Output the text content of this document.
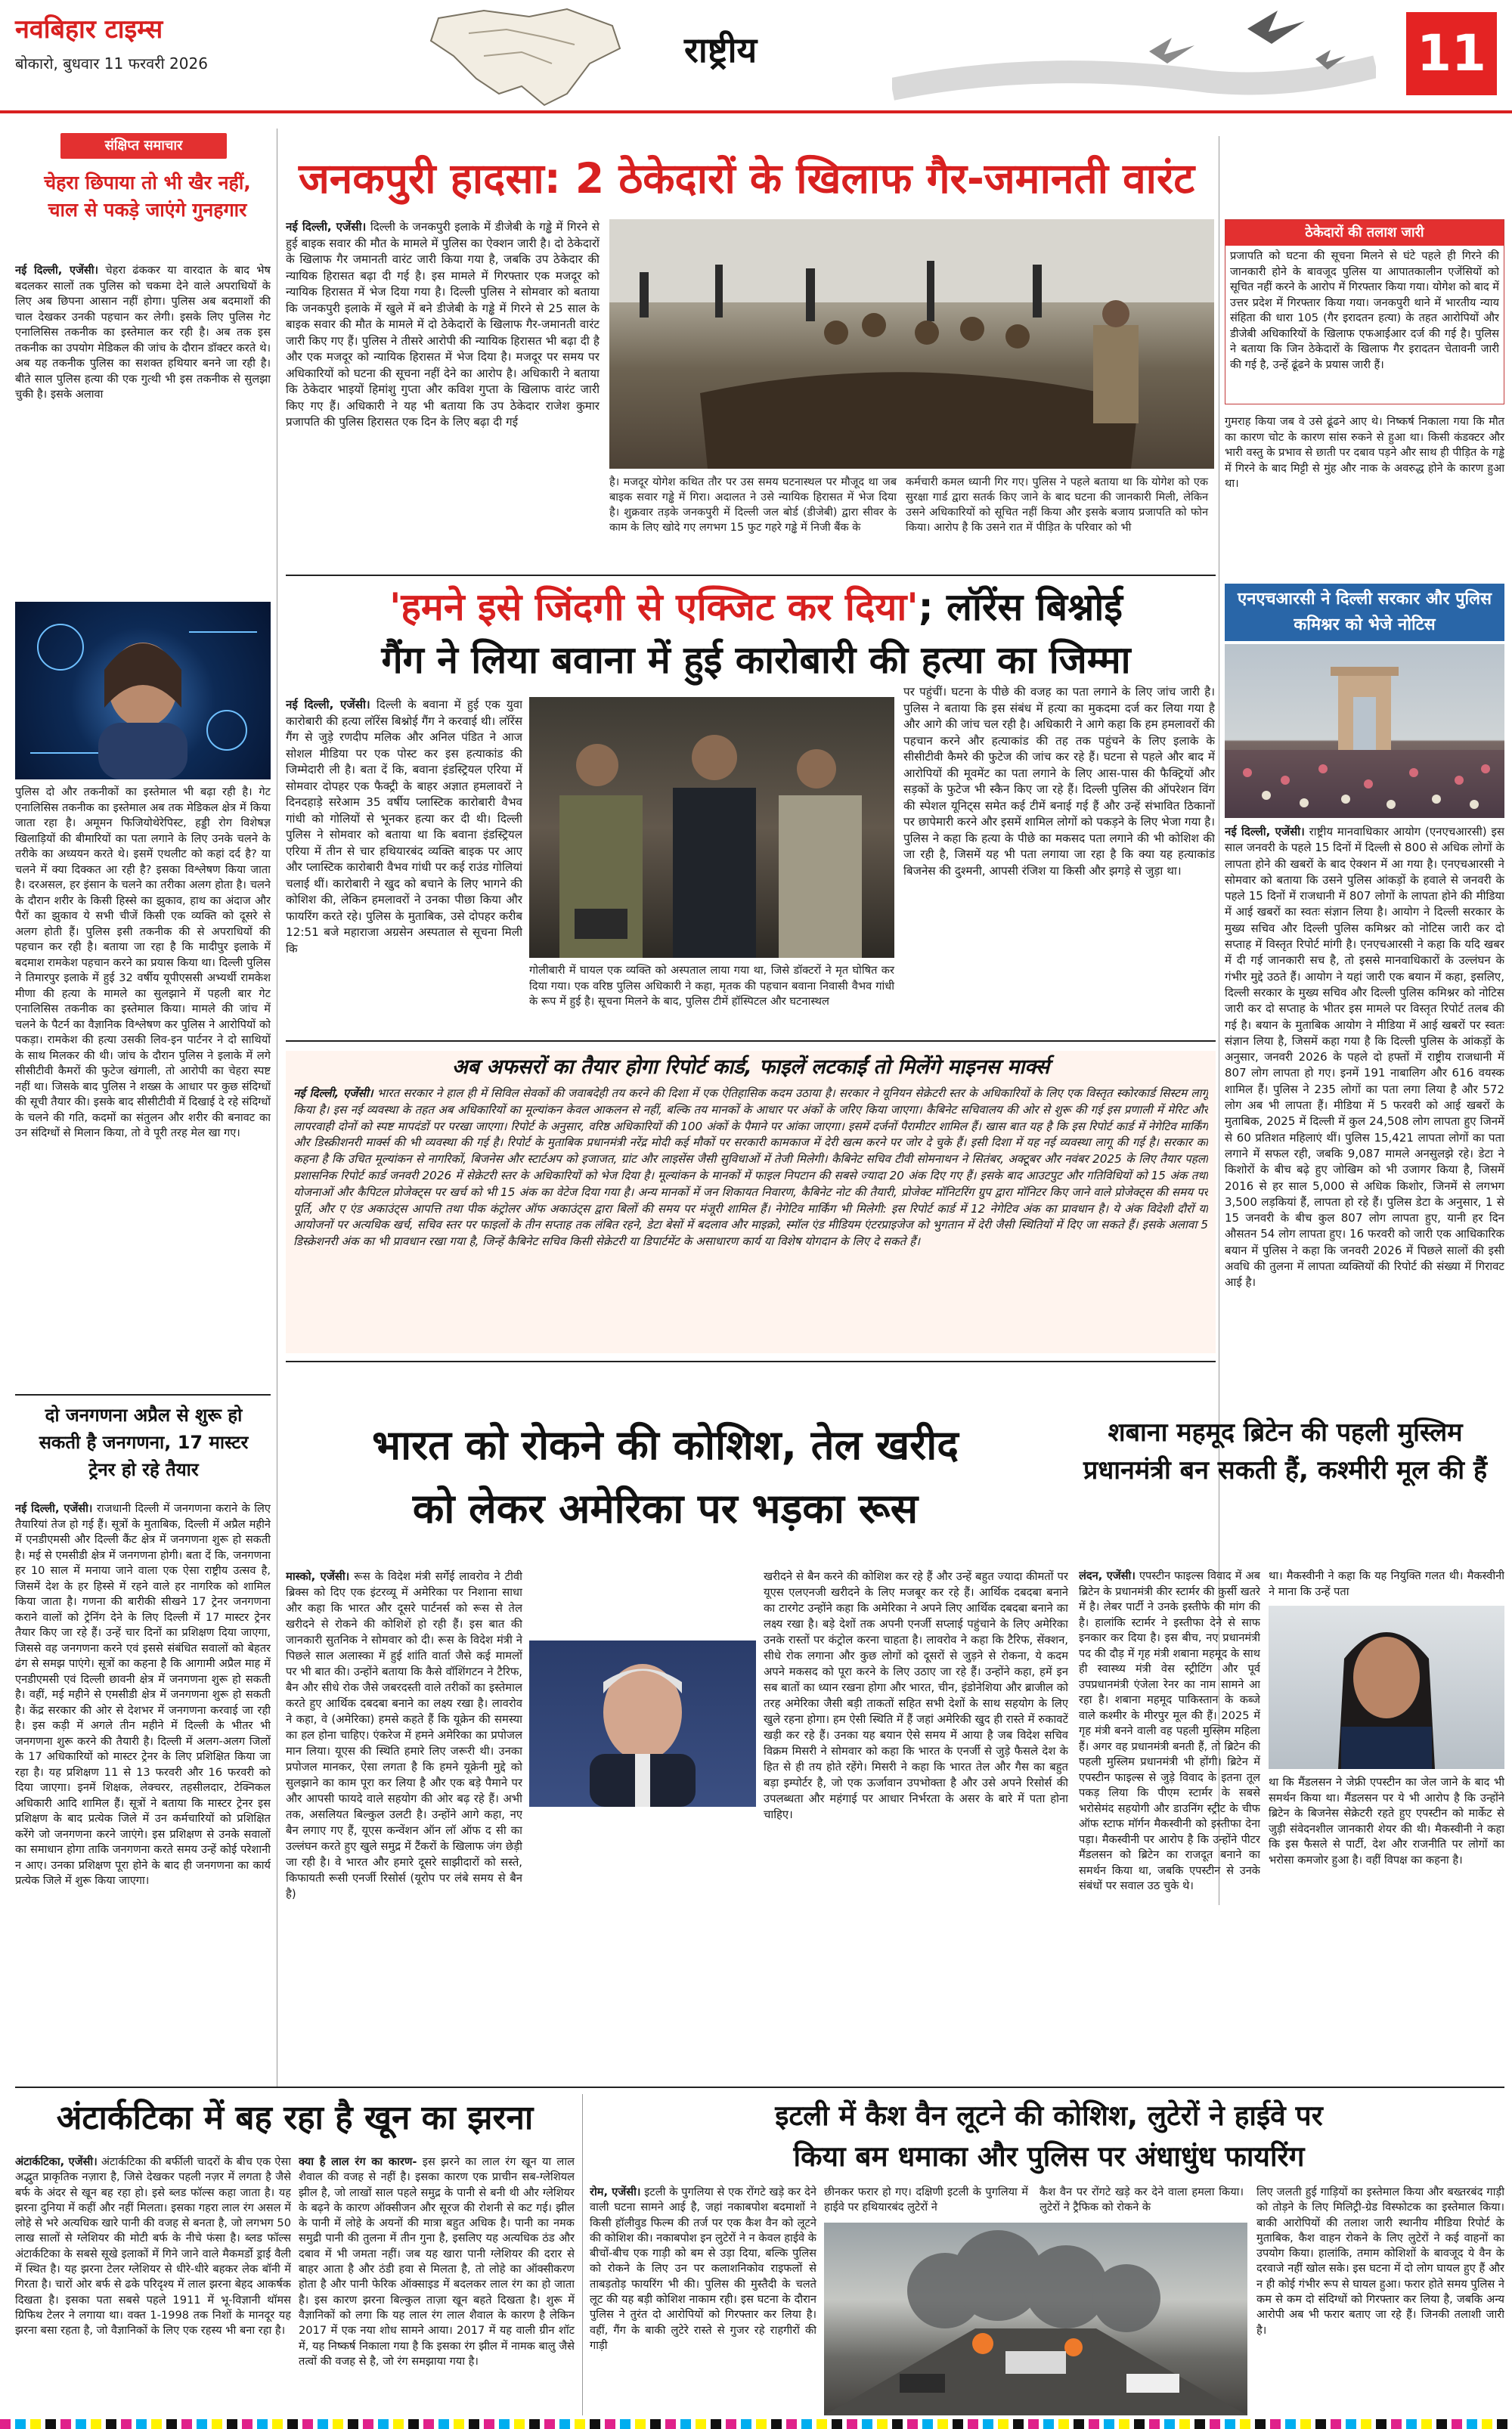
नवबिहार टाइम्स
बोकारो, बुधवार 11 फरवरी 2026	राष्ट्रीय	11
संक्षिप्त समाचार
चेहरा छिपाया तो भी खैर नहीं, चाल से पकड़े जाएंगे गुनहगार
नई दिल्ली, एजेंसी। चेहरा ढंककर या वारदात के बाद भेष बदलकर सालों तक पुलिस को चकमा देने वाले अपराधियों के लिए अब छिपना आसान नहीं होगा। पुलिस अब बदमाशों की चाल देखकर उनकी पहचान कर लेगी। इसके लिए पुलिस गेट एनालिसिस तकनीक का इस्तेमाल कर रही है। अब तक इस तकनीक का उपयोग मेडिकल की जांच के दौरान डॉक्टर करते थे। अब यह तकनीक पुलिस का सशक्त हथियार बनने जा रही है। बीते साल पुलिस हत्या की एक गुत्थी भी इस तकनीक से सुलझा चुकी है। इसके अलावा
पुलिस दो और तकनीकों का इस्तेमाल भी बढ़ा रही है। गेट एनालिसिस तकनीक का इस्तेमाल अब तक मेडिकल क्षेत्र में किया जाता रहा है। अमूमन फिजियोथेरेपिस्ट, हड्डी रोग विशेषज्ञ खिलाड़ियों की बीमारियों का पता लगाने के लिए उनके चलने के तरीके का अध्ययन करते थे। इसमें एथलीट को कहां दर्द है? या चलने में क्या दिक्कत आ रही है? इसका विश्लेषण किया जाता है। दरअसल, हर इंसान के चलने का तरीका अलग होता है। चलने के दौरान शरीर के किसी हिस्से का झुकाव, हाथ का अंदाज और पैरों का झुकाव ये सभी चीजें किसी एक व्यक्ति को दूसरे से अलग होती हैं। पुलिस इसी तकनीक की से अपराधियों की पहचान कर रही है। बताया जा रहा है कि मादीपुर इलाके में बदमाश रामकेश पहचान करने का प्रयास किया था। दिल्ली पुलिस ने तिमारपुर इलाके में हुई 32 वर्षीय यूपीएससी अभ्यर्थी रामकेश मीणा की हत्या के मामले का सुलझाने में पहली बार गेट एनालिसिस तकनीक का इस्तेमाल किया। मामले की जांच में चलने के पैटर्न का वैज्ञानिक विश्लेषण कर पुलिस ने आरोपियों को पकड़ा। रामकेश की हत्या उसकी लिव-इन पार्टनर ने दो साथियों के साथ मिलकर की थी। जांच के दौरान पुलिस ने इलाके में लगे सीसीटीवी कैमरों की फुटेज खंगाली, तो आरोपी का चेहरा स्पष्ट नहीं था। जिसके बाद पुलिस ने शख्स के आधार पर कुछ संदिग्धों की सूची तैयार की। इसके बाद सीसीटीवी में दिखाई दे रहे संदिग्धों के चलने की गति, कदमों का संतुलन और शरीर की बनावट का उन संदिग्धों से मिलान किया, तो वे पूरी तरह मेल खा गए।
दो जनगणना अप्रैल से शुरू हो सकती है जनगणना, 17 मास्टर ट्रेनर हो रहे तैयार
नई दिल्ली, एजेंसी। राजधानी दिल्ली में जनगणना कराने के लिए तैयारियां तेज हो गई हैं। सूत्रों के मुताबिक, दिल्ली में अप्रैल महीने में एनडीएमसी और दिल्ली कैंट क्षेत्र में जनगणना शुरू हो सकती है। मई से एमसीडी क्षेत्र में जनगणना होगी। बता दें कि, जनगणना हर 10 साल में मनाया जाने वाला एक ऐसा राष्ट्रीय उत्सव है, जिसमें देश के हर हिस्से में रहने वाले हर नागरिक को शामिल किया जाता है। गणना की बारीकी सीखने 17 ट्रेनर जनगणना कराने वालों को ट्रेनिंग देने के लिए दिल्ली में 17 मास्टर ट्रेनर तैयार किए जा रहे हैं। उन्हें चार दिनों का प्रशिक्षण दिया जाएगा, जिससे वह जनगणना करने एवं इससे संबंधित सवालों को बेहतर ढंग से समझ पाएंगे। सूत्रों का कहना है कि आगामी अप्रैल माह में एनडीएमसी एवं दिल्ली छावनी क्षेत्र में जनगणना शुरू हो सकती है। वहीं, मई महीने से एमसीडी क्षेत्र में जनगणना शुरू हो सकती है। केंद्र सरकार की ओर से देशभर में जनगणना करवाई जा रही है। इस कड़ी में अगले तीन महीने में दिल्ली के भीतर भी जनगणना शुरू करने की तैयारी है। दिल्ली में अलग-अलग जिलों के 17 अधिकारियों को मास्टर ट्रेनर के लिए प्रशिक्षित किया जा रहा है। यह प्रशिक्षण 11 से 13 फरवरी और 16 फरवरी को दिया जाएगा। इनमें शिक्षक, लेक्चरर, तहसीलदार, टेक्निकल अधिकारी आदि शामिल हैं। सूत्रों ने बताया कि मास्टर ट्रेनर इस प्रशिक्षण के बाद प्रत्येक जिले में उन कर्मचारियों को प्रशिक्षित करेंगे जो जनगणना करने जाएंगे। इस प्रशिक्षण से उनके सवालों का समाधान होगा ताकि जनगणना करते समय उन्हें कोई परेशानी न आए। उनका प्रशिक्षण पूरा होने के बाद ही जनगणना का कार्य प्रत्येक जिले में शुरू किया जाएगा।
जनकपुरी हादसा: 2 ठेकेदारों के खिलाफ गैर-जमानती वारंट
नई दिल्ली, एजेंसी। दिल्ली के जनकपुरी इलाके में डीजेबी के गड्ढे में गिरने से हुई बाइक सवार की मौत के मामले में पुलिस का ऐक्शन जारी है। दो ठेकेदारों के खिलाफ गैर जमानती वारंट जारी किया गया है, जबकि उप ठेकेदार की न्यायिक हिरासत बढ़ा दी गई है। इस मामले में गिरफ्तार एक मजदूर को न्यायिक हिरासत में भेज दिया गया है। दिल्ली पुलिस ने सोमवार को बताया कि जनकपुरी इलाके में खुले में बने डीजेबी के गड्ढे में गिरने से 25 साल के बाइक सवार की मौत के मामले में दो ठेकेदारों के खिलाफ गैर-जमानती वारंट जारी किए गए हैं। पुलिस ने तीसरे आरोपी की न्यायिक हिरासत भी बढ़ा दी है और एक मजदूर को न्यायिक हिरासत में भेज दिया है। मजदूर पर समय पर अधिकारियों को घटना की सूचना नहीं देने का आरोप है। अधिकारी ने बताया कि ठेकेदार भाइयों हिमांशु गुप्ता और कविश गुप्ता के खिलाफ वारंट जारी किए गए हैं। अधिकारी ने यह भी बताया कि उप ठेकेदार राजेश कुमार प्रजापति की पुलिस हिरासत एक दिन के लिए बढ़ा दी गई
है। मजदूर योगेश कथित तौर पर उस समय घटनास्थल पर मौजूद था जब बाइक सवार गड्ढे में गिरा। अदालत ने उसे न्यायिक हिरासत में भेज दिया है। शुक्रवार तड़के जनकपुरी में दिल्ली जल बोर्ड (डीजेबी) द्वारा सीवर के काम के लिए खोदे गए लगभग 15 फुट गहरे गड्ढे में निजी बैंक के
कर्मचारी कमल ध्यानी गिर गए। पुलिस ने पहले बताया था कि योगेश को एक सुरक्षा गार्ड द्वारा सतर्क किए जाने के बाद घटना की जानकारी मिली, लेकिन उसने अधिकारियों को सूचित नहीं किया और इसके बजाय प्रजापति को फोन किया। आरोप है कि उसने रात में पीड़ित के परिवार को भी
ठेकेदारों की तलाश जारी
प्रजापति को घटना की सूचना मिलने से घंटे पहले ही गिरने की जानकारी होने के बावजूद पुलिस या आपातकालीन एजेंसियों को सूचित नहीं करने के आरोप में गिरफ्तार किया गया। योगेश को बाद में उत्तर प्रदेश में गिरफ्तार किया गया। जनकपुरी थाने में भारतीय न्याय संहिता की धारा 105 (गैर इरादतन हत्या) के तहत आरोपियों और डीजेबी अधिकारियों के खिलाफ एफआईआर दर्ज की गई है। पुलिस ने बताया कि जिन ठेकेदारों के खिलाफ गैर इरादतन चेतावनी जारी की गई है, उन्हें ढूंढने के प्रयास जारी हैं।
गुमराह किया जब वे उसे ढूंढने आए थे। निष्कर्ष निकाला गया कि मौत का कारण चोट के कारण सांस रुकने से हुआ था। किसी कंडक्टर और भारी वस्तु के प्रभाव से छाती पर दबाव पड़ने और साथ ही पीड़ित के गड्ढे में गिरने के बाद मिट्टी से मुंह और नाक के अवरुद्ध होने के कारण हुआ था।
'हमने इसे जिंदगी से एक्जिट कर दिया'; लॉरेंस बिश्नोई
गैंग ने लिया बवाना में हुई कारोबारी की हत्या का जिम्मा
नई दिल्ली, एजेंसी। दिल्ली के बवाना में हुई एक युवा कारोबारी की हत्या लॉरेंस बिश्नोई गैंग ने करवाई थी। लॉरेंस गैंग से जुड़े रणदीप मलिक और अनिल पंडित ने आज सोशल मीडिया पर एक पोस्ट कर इस हत्याकांड की जिम्मेदारी ली है। बता दें कि, बवाना इंडस्ट्रियल एरिया में सोमवार दोपहर एक फैक्ट्री के बाहर अज्ञात हमलावरों ने दिनदहाड़े सरेआम 35 वर्षीय प्लास्टिक कारोबारी वैभव गांधी को गोलियों से भूनकर हत्या कर दी थी। दिल्ली पुलिस ने सोमवार को बताया था कि बवाना इंडस्ट्रियल एरिया में तीन से चार हथियारबंद व्यक्ति बाइक पर आए और प्लास्टिक कारोबारी वैभव गांधी पर कई राउंड गोलियां चलाई थीं। कारोबारी ने खुद को बचाने के लिए भागने की कोशिश की, लेकिन हमलावरों ने उनका पीछा किया और फायरिंग करते रहे। पुलिस के मुताबिक, उसे दोपहर करीब 12:51 बजे महाराजा अग्रसेन अस्पताल से सूचना मिली कि
गोलीबारी में घायल एक व्यक्ति को अस्पताल लाया गया था, जिसे डॉक्टरों ने मृत घोषित कर दिया गया। एक वरिष्ठ पुलिस अधिकारी ने कहा, मृतक की पहचान बवाना निवासी वैभव गांधी के रूप में हुई है। सूचना मिलने के बाद, पुलिस टीमें हॉस्पिटल और घटनास्थल
पर पहुंचीं। घटना के पीछे की वजह का पता लगाने के लिए जांच जारी है। पुलिस ने बताया कि इस संबंध में हत्या का मुकदमा दर्ज कर लिया गया है और आगे की जांच चल रही है। अधिकारी ने आगे कहा कि हम हमलावरों की पहचान करने और हत्याकांड की तह तक पहुंचने के लिए इलाके के सीसीटीवी कैमरे की फुटेज की जांच कर रहे हैं। घटना से पहले और बाद में आरोपियों की मूवमेंट का पता लगाने के लिए आस-पास की फैक्ट्रियों और सड़कों के फुटेज भी स्कैन किए जा रहे हैं। दिल्ली पुलिस की ऑपरेशन विंग की स्पेशल यूनिट्स समेत कई टीमें बनाई गई हैं और उन्हें संभावित ठिकानों पर छापेमारी करने और इसमें शामिल लोगों को पकड़ने के लिए भेजा गया है। पुलिस ने कहा कि हत्या के पीछे का मकसद पता लगाने की भी कोशिश की जा रही है, जिसमें यह भी पता लगाया जा रहा है कि क्या यह हत्याकांड बिजनेस की दुश्मनी, आपसी रंजिश या किसी और झगड़े से जुड़ा था।
एनएचआरसी ने दिल्ली सरकार और पुलिस कमिश्नर को भेजे नोटिस
नई दिल्ली, एजेंसी। राष्ट्रीय मानवाधिकार आयोग (एनएचआरसी) इस साल जनवरी के पहले 15 दिनों में दिल्ली से 800 से अधिक लोगों के लापता होने की खबरों के बाद ऐक्शन में आ गया है। एनएचआरसी ने सोमवार को बताया कि उसने पुलिस आंकड़ों के हवाले से जनवरी के पहले 15 दिनों में राजधानी में 807 लोगों के लापता होने की मीडिया में आई खबरों का स्वतः संज्ञान लिया है। आयोग ने दिल्ली सरकार के मुख्य सचिव और दिल्ली पुलिस कमिश्नर को नोटिस जारी कर दो सप्ताह में विस्तृत रिपोर्ट मांगी है। एनएचआरसी ने कहा कि यदि खबर में दी गई जानकारी सच है, तो इससे मानवाधिकारों के उल्लंघन के गंभीर मुद्दे उठते हैं। आयोग ने यहां जारी एक बयान में कहा, इसलिए, दिल्ली सरकार के मुख्य सचिव और दिल्ली पुलिस कमिश्नर को नोटिस जारी कर दो सप्ताह के भीतर इस मामले पर विस्तृत रिपोर्ट तलब की गई है। बयान के मुताबिक आयोग ने मीडिया में आई खबरों पर स्वतः संज्ञान लिया है, जिसमें कहा गया है कि दिल्ली पुलिस के आंकड़ों के अनुसार, जनवरी 2026 के पहले दो हफ्तों में राष्ट्रीय राजधानी में 807 लोग लापता हो गए। इनमें 191 नाबालिग और 616 वयस्क शामिल हैं। पुलिस ने 235 लोगों का पता लगा लिया है और 572 लोग अब भी लापता हैं। मीडिया में 5 फरवरी को आई खबरों के मुताबिक, 2025 में दिल्ली में कुल 24,508 लोग लापता हुए जिनमें से 60 प्रतिशत महिलाएं थीं। पुलिस 15,421 लापता लोगों का पता लगाने में सफल रही, जबकि 9,087 मामले अनसुलझे रहे। डेटा ने किशोरों के बीच बढ़े हुए जोखिम को भी उजागर किया है, जिसमें 2016 से हर साल 5,000 से अधिक किशोर, जिनमें से लगभग 3,500 लड़कियां हैं, लापता हो रहे हैं। पुलिस डेटा के अनुसार, 1 से 15 जनवरी के बीच कुल 807 लोग लापता हुए, यानी हर दिन औसतन 54 लोग लापता हुए। 16 फरवरी को जारी एक आधिकारिक बयान में पुलिस ने कहा कि जनवरी 2026 में पिछले सालों की इसी अवधि की तुलना में लापता व्यक्तियों की रिपोर्ट की संख्या में गिरावट आई है।
अब अफसरों का तैयार होगा रिपोर्ट कार्ड, फाइलें लटकाईं तो मिलेंगे माइनस मार्क्स
नई दिल्ली, एजेंसी। भारत सरकार ने हाल ही में सिविल सेवकों की जवाबदेही तय करने की दिशा में एक ऐतिहासिक कदम उठाया है। सरकार ने यूनियन सेक्रेटरी स्तर के अधिकारियों के लिए एक विस्तृत स्कोरकार्ड सिस्टम लागू किया है। इस नई व्यवस्था के तहत अब अधिकारियों का मूल्यांकन केवल आकलन से नहीं, बल्कि तय मानकों के आधार पर अंकों के जरिए किया जाएगा। कैबिनेट सचिवालय की ओर से शुरू की गई इस प्रणाली में मेरिट और लापरवाही दोनों को स्पष्ट मापदंडों पर परखा जाएगा। रिपोर्ट के अनुसार, वरिष्ठ अधिकारियों की 100 अंकों के पैमाने पर आंका जाएगा। इसमें दर्जनों पैरामीटर शामिल हैं। खास बात यह है कि इस रिपोर्ट कार्ड में नेगेटिव मार्किंग और डिस्क्रीशनरी मार्क्स की भी व्यवस्था की गई है। रिपोर्ट के मुताबिक प्रधानमंत्री नरेंद्र मोदी कई मौकों पर सरकारी कामकाज में देरी खत्म करने पर जोर दे चुके हैं। इसी दिशा में यह नई व्यवस्था लागू की गई है। सरकार का कहना है कि उचित मूल्यांकन से नागरिकों, बिजनेस और स्टार्टअप को इजाजत, ग्रांट और लाइसेंस जैसी सुविधाओं में तेजी मिलेगी। कैबिनेट सचिव टीवी सोमनाथन ने सितंबर, अक्टूबर और नवंबर 2025 के लिए तैयार पहला प्रशासनिक रिपोर्ट कार्ड जनवरी 2026 में सेक्रेटरी स्तर के अधिकारियों को भेज दिया है। मूल्यांकन के मानकों में फाइल निपटान की सबसे ज्यादा 20 अंक दिए गए हैं। इसके बाद आउटपुट और गतिविधियों को 15 अंक तथा योजनाओं और कैपिटल प्रोजेक्ट्स पर खर्च को भी 15 अंक का वेटेज दिया गया है। अन्य मानकों में जन शिकायत निवारण, कैबिनेट नोट की तैयारी, प्रोजेक्ट मॉनिटरिंग ग्रुप द्वारा मॉनिटर किए जाने वाले प्रोजेक्ट्स की समय पर पूर्ति, और ए एंड अकाउंट्स आपत्ति तथा पीक कंट्रोलर ऑफ अकाउंट्स द्वारा बिलों की समय पर मंजूरी शामिल हैं। नेगेटिव मार्किंग भी मिलेगी: इस रिपोर्ट कार्ड में 12 नेगेटिव अंक का प्रावधान है। ये अंक विदेशी दौरों या आयोजनों पर अत्यधिक खर्च, सचिव स्तर पर फाइलों के तीन सप्ताह तक लंबित रहने, डेटा बेसों में बदलाव और माइक्रो, स्मॉल एंड मीडियम एंटरप्राइजेज को भुगतान में देरी जैसी स्थितियों में दिए जा सकते हैं। इसके अलावा 5 डिस्क्रेशनरी अंक का भी प्रावधान रखा गया है, जिन्हें कैबिनेट सचिव किसी सेक्रेटरी या डिपार्टमेंट के असाधारण कार्य या विशेष योगदान के लिए दे सकते हैं।
भारत को रोकने की कोशिश, तेल खरीद
को लेकर अमेरिका पर भड़का रूस
मास्को, एजेंसी। रूस के विदेश मंत्री सर्गेई लावरोव ने टीवी ब्रिक्स को दिए एक इंटरव्यू में अमेरिका पर निशाना साधा और कहा कि भारत और दूसरे पार्टनर्स को रूस से तेल खरीदने से रोकने की कोशिशें हो रही हैं। इस बात की जानकारी सुतनिक ने सोमवार को दी। रूस के विदेश मंत्री ने पिछले साल अलास्का में हुई शांति वार्ता जैसे कई मामलों पर भी बात की। उन्होंने बताया कि कैसे वॉशिंगटन ने टैरिफ, बैन और सीधे रोक जैसे जबरदस्ती वाले तरीकों का इस्तेमाल करते हुए आर्थिक दबदबा बनाने का लक्ष्य रखा है। लावरोव ने कहा, वे (अमेरिका) हमसे कहते हैं कि यूक्रेन की समस्या का हल होना चाहिए। एंकरेज में हमने अमेरिका का प्रपोजल मान लिया। यूएस की स्थिति हमारे लिए जरूरी थी। उनका प्रपोजल मानकर, ऐसा लगता है कि हमने यूक्रेनी मुद्दे को सुलझाने का काम पूरा कर लिया है और एक बड़े पैमाने पर और आपसी फायदे वाले सहयोग की ओर बढ़ रहे हैं। अभी तक, असलियत बिल्कुल उलटी है। उन्होंने आगे कहा, नए बैन लगाए गए हैं, यूएस कन्वेंशन ऑन लॉ ऑफ द सी का उल्लंघन करते हुए खुले समुद्र में टैंकरों के खिलाफ जंग छेड़ी जा रही है। वे भारत और हमारे दूसरे साझीदारों को सस्ते, किफायती रूसी एनर्जी रिसोर्स (यूरोप पर लंबे समय से बैन है)
खरीदने से बैन करने की कोशिश कर रहे हैं और उन्हें बहुत ज्यादा कीमतों पर यूएस एलएनजी खरीदने के लिए मजबूर कर रहे हैं। आर्थिक दबदबा बनाने का टारगेट उन्होंने कहा कि अमेरिका ने अपने लिए आर्थिक दबदबा बनाने का लक्ष्य रखा है। बड़े देशों तक अपनी एनर्जी सप्लाई पहुंचाने के लिए अमेरिका उनके रास्तों पर कंट्रोल करना चाहता है। लावरोव ने कहा कि टैरिफ, सेंक्शन, सीधे रोक लगाना और कुछ लोगों को दूसरों से जुड़ने से रोकना, ये कदम अपने मकसद को पूरा करने के लिए उठाए जा रहे हैं। उन्होंने कहा, हमें इन सब बातों का ध्यान रखना होगा और भारत, चीन, इंडोनेशिया और ब्राजील को तरह अमेरिका जैसी बड़ी ताकतों सहित सभी देशों के साथ सहयोग के लिए खुले रहना होगा। हम ऐसी स्थिति में हैं जहां अमेरिकी खुद ही रास्ते में रुकावटें खड़ी कर रहे हैं। उनका यह बयान ऐसे समय में आया है जब विदेश सचिव विक्रम मिसरी ने सोमवार को कहा कि भारत के एनर्जी से जुड़े फैसले देश के हित से ही तय होते रहेंगे। मिसरी ने कहा कि भारत तेल और गैस का बहुत बड़ा इम्पोर्टर है, जो एक ऊर्जावान उपभोक्ता है और उसे अपने रिसोर्स की उपलब्धता और महंगाई पर आधार निर्भरता के असर के बारे में पता होना चाहिए।
शबाना महमूद ब्रिटेन की पहली मुस्लिम
प्रधानमंत्री बन सकती हैं, कश्मीरी मूल की हैं
लंदन, एजेंसी। एपस्टीन फाइल्स विवाद में अब ब्रिटेन के प्रधानमंत्री कीर स्टार्मर की कुर्सी खतरे में है। लेबर पार्टी ने उनके इस्तीफे की मांग की है। हालांकि स्टार्मर ने इस्तीफा देने से साफ इनकार कर दिया है। इस बीच, नए प्रधानमंत्री पद की दौड़ में गृह मंत्री शबाना महमूद के साथ ही स्वास्थ्य मंत्री वेस स्ट्रीटिंग और पूर्व उपप्रधानमंत्री एंजेला रेनर का नाम सामने आ रहा है। शबाना महमूद पाकिस्तान के कब्जे वाले कश्मीर के मीरपुर मूल की हैं। 2025 में गृह मंत्री बनने वाली वह पहली मुस्लिम महिला हैं। अगर वह प्रधानमंत्री बनती हैं, तो ब्रिटेन की पहली मुस्लिम प्रधानमंत्री भी होंगी। ब्रिटेन में एपस्टीन फाइल्स से जुड़े विवाद के इतना तूल पकड़ लिया कि पीएम स्टार्मर के सबसे भरोसेमंद सहयोगी और डाउनिंग स्ट्रीट के चीफ ऑफ स्टाफ मॉर्गन मैकस्वीनी को इस्तीफा देना पड़ा। मैकस्वीनी पर आरोप है कि उन्होंने पीटर मैंडलसन को ब्रिटेन का राजदूत बनाने का समर्थन किया था, जबकि एपस्टीन से उनके संबंधों पर सवाल उठ चुके थे।
था। मैकस्वीनी ने कहा कि यह नियुक्ति गलत थी। मैकस्वीनी ने माना कि उन्हें पता
था कि मैंडलसन ने जेफ्री एपस्टीन का जेल जाने के बाद भी समर्थन किया था। मैंडलसन पर ये भी आरोप है कि उन्होंने ब्रिटेन के बिजनेस सेक्रेटरी रहते हुए एपस्टीन को मार्केट से जुड़ी संवेदनशील जानकारी शेयर की थी। मैकस्वीनी ने कहा कि इस फैसले से पार्टी, देश और राजनीति पर लोगों का भरोसा कमजोर हुआ है। वहीं विपक्ष का कहना है।
अंटार्कटिका में बह रहा है खून का झरना
अंटार्कटिका, एजेंसी। अंटार्कटिका की बर्फीली चादरों के बीच एक ऐसा अद्भुत प्राकृतिक नज़ारा है, जिसे देखकर पहली नज़र में लगता है जैसे बर्फ के अंदर से खून बह रहा हो। इसे ब्लड फॉल्स कहा जाता है। यह झरना दुनिया में कहीं और नहीं मिलता। इसका गहरा लाल रंग असल में लोहे से भरे अत्यधिक खारे पानी की वजह से बनता है, जो लगभग 50 लाख सालों से ग्लेशियर की मोटी बर्फ के नीचे फंसा है। ब्लड फॉल्स अंटार्कटिका के सबसे सूखे इलाकों में गिने जाने वाले मैकमर्डो ड्राई वैली में स्थित है। यह झरना टेलर ग्लेशियर से धीरे-धीरे बहकर लेक बॉनी में गिरता है। चारों ओर बर्फ से ढके परिदृश्य में लाल झरना बेहद आकर्षक दिखता है। इसका पता सबसे पहले 1911 में भू-विज्ञानी थॉमस ग्रिफिथ टेलर ने लगाया था। वक्त 1-1998 तक निशों के मानदूर यह झरना बसा रहता है, जो वैज्ञानिकों के लिए एक रहस्य भी बना रहा है।
क्या है लाल रंग का कारण- इस झरने का लाल रंग खून या लाल शैवाल की वजह से नहीं है। इसका कारण एक प्राचीन सब-ग्लेशियल झील है, जो लाखों साल पहले समुद्र के पानी से बनी थी और ग्लेशियर के बढ़ने के कारण ऑक्सीजन और सूरज की रोशनी से कट गई। झील के पानी में लोहे के अयनों की मात्रा बहुत अधिक है। पानी का नमक समुद्री पानी की तुलना में तीन गुना है, इसलिए यह अत्यधिक ठंड और दबाव में भी जमता नहीं। जब यह खारा पानी ग्लेशियर की दरार से बाहर आता है और ठंडी हवा से मिलता है, तो लोहे का ऑक्सीकरण होता है और पानी फेरिक ऑक्साइड में बदलकर लाल रंग का हो जाता है। इस कारण झरना बिल्कुल ताज़ा खून बहते दिखता है। शुरू में वैज्ञानिकों को लगा कि यह लाल रंग लाल शैवाल के कारण है लेकिन 2017 में एक नया शोध सामने आया। 2017 में यह वाली ग्रीन शॉट में, यह निष्कर्ष निकाला गया है कि इसका रंग झील में नामक बालु जैसे तत्वों की वजह से है, जो रंग समझाया गया है।
इटली में कैश वैन लूटने की कोशिश, लुटेरों ने हाईवे पर
किया बम धमाका और पुलिस पर अंधाधुंध फायरिंग
रोम, एजेंसी। इटली के पुगलिया से एक रोंगटे खड़े कर देने वाली घटना सामने आई है, जहां नकाबपोश बदमाशों ने किसी हॉलीवुड फिल्म की तर्ज पर एक कैश वैन को लूटने की कोशिश की। नकाबपोश इन लुटेरों ने न केवल हाईवे के बीचों-बीच एक गाड़ी को बम से उड़ा दिया, बल्कि पुलिस को रोकने के लिए उन पर कलाशनिकोव राइफलों से ताबड़तोड़ फायरिंग भी की। पुलिस की मुस्तैदी के चलते लूट की यह बड़ी कोशिश नाकाम रही। इस घटना के दौरान पुलिस ने तुरंत दो आरोपियों को गिरफ्तार कर लिया है। वहीं, गैंग के बाकी लुटेरे रास्ते से गुजर रहे राहगीरों की गाड़ी
छीनकर फरार हो गए। दक्षिणी इटली के पुगलिया में हाईवे पर हथियारबंद लुटेरों ने
कैश वैन पर रोंगटे खड़े कर देने वाला हमला किया। लुटेरों ने ट्रैफिक को रोकने के
लिए जलती हुई गाड़ियों का इस्तेमाल किया और बख्तरबंद गाड़ी को तोड़ने के लिए मिलिट्री-ग्रेड विस्फोटक का इस्तेमाल किया। बाकी आरोपियों की तलाश जारी स्थानीय मीडिया रिपोर्ट के मुताबिक, कैश वाहन रोकने के लिए लुटेरों ने कई वाहनों का उपयोग किया। हालांकि, तमाम कोशिशों के बावजूद ये वैन के दरवाजे नहीं खोल सके। इस घटना में दो लोग घायल हुए हैं और न ही कोई गंभीर रूप से घायल हुआ। फरार होते समय पुलिस ने कम से कम दो संदिग्धों को गिरफ्तार कर लिया है, जबकि अन्य आरोपी अब भी फरार बताए जा रहे हैं। जिनकी तलाशी जारी है।
